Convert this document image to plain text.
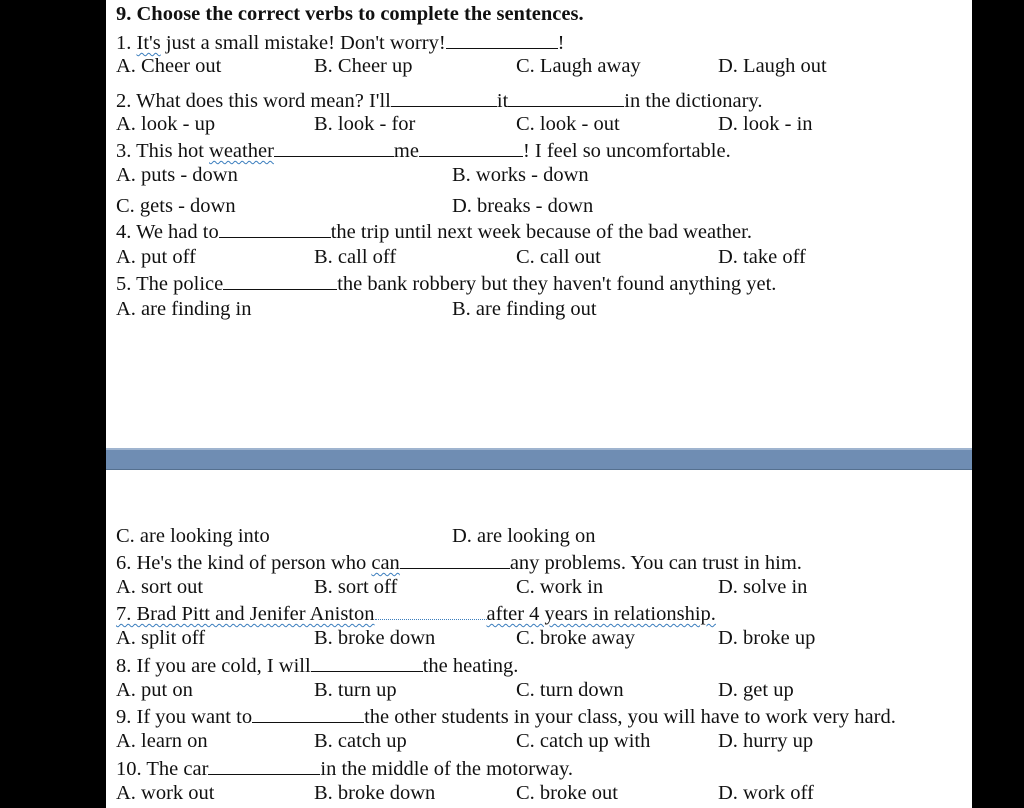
9. Choose the correct verbs to complete the sentences.
1. It's just a small mistake! Don't worry!	!
A. Cheer out	B. Cheer up	C. Laugh away	D. Laugh out
2. What does this word mean? I'll	it	in the dictionary.
A. look - up	B. look - for	C. look - out	D. look - in
3. This hot weather	me	! I feel so uncomfortable.
A. puts - down	B. works - down
C. gets - down	D. breaks - down
4. We had to	the trip until next week because of the bad weather.
A. put off	B. call off	C. call out	D. take off
5. The police	the bank robbery but they haven't found anything yet.
A. are finding in	B. are finding out
C. are looking into	D. are looking on
6. He's the kind of person who can	any problems. You can trust in him.
A. sort out	B. sort off	C. work in	D. solve in
7. Brad Pitt and Jenifer Aniston	after 4 years in relationship.
A. split off	B. broke down	C. broke away	D. broke up
8. If you are cold, I will	the heating.
A. put on	B. turn up	C. turn down	D. get up
9. If you want to	the other students in your class, you will have to work very hard.
A. learn on	B. catch up	C. catch up with	D. hurry up
10. The car	in the middle of the motorway.
A. work out	B. broke down	C. broke out	D. work off
